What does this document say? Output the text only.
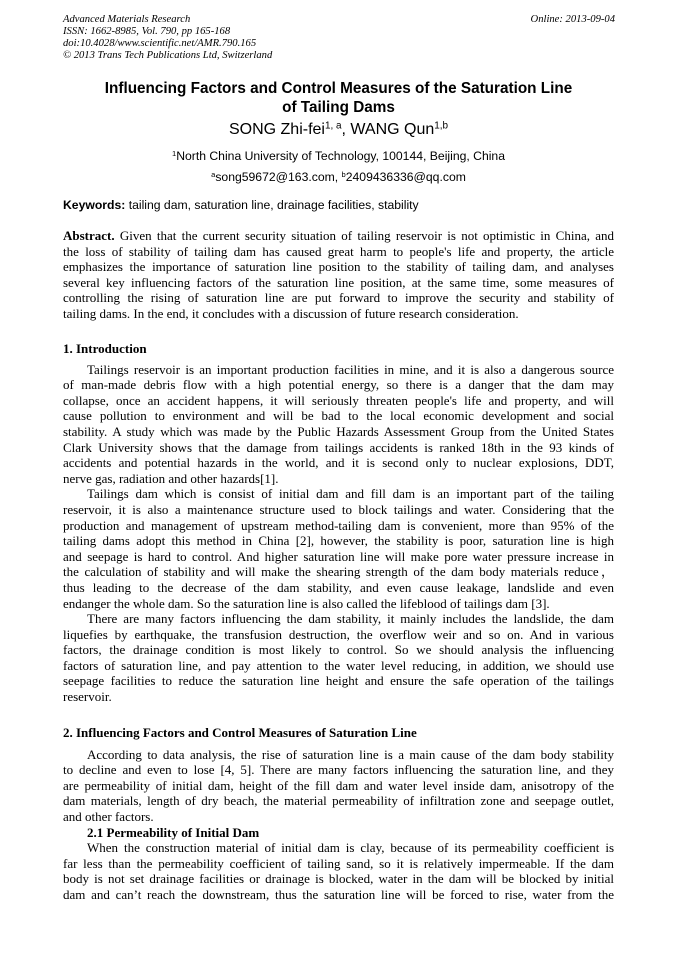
Advanced Materials Research
ISSN: 1662-8985, Vol. 790, pp 165-168
doi:10.4028/www.scientific.net/AMR.790.165
© 2013 Trans Tech Publications Ltd, Switzerland
Online: 2013-09-04
Influencing Factors and Control Measures of the Saturation Line
of Tailing Dams
SONG Zhi-fei$^{1, a}$, WANG Qun$^{1,b}$
$^1$North China University of Technology, 100144, Beijing, China
$^a$song59672@163.com, $^b$2409436336@qq.com
Keywords: tailing dam, saturation line, drainage facilities, stability
Abstract. Given that the current security situation of tailing reservoir is not optimistic in China, and
the loss of stability of tailing dam has caused great harm to people's life and property, the article
emphasizes the importance of saturation line position to the stability of tailing dam, and analyses
several key influencing factors of the saturation line position, at the same time, some measures of
controlling the rising of saturation line are put forward to improve the security and stability of
tailing dams. In the end, it concludes with a discussion of future research consideration.
1. Introduction
Tailings reservoir is an important production facilities in mine, and it is also a dangerous source
of man-made debris flow with a high potential energy, so there is a danger that the dam may
collapse, once an accident happens, it will seriously threaten people's life and property, and will
cause pollution to environment and will be bad to the local economic development and social
stability. A study which was made by the Public Hazards Assessment Group from the United States
Clark University shows that the damage from tailings accidents is ranked 18th in the 93 kinds of
accidents and potential hazards in the world, and it is second only to nuclear explosions, DDT,
nerve gas, radiation and other hazards[1].
Tailings dam which is consist of initial dam and fill dam is an important part of the tailing
reservoir, it is also a maintenance structure used to block tailings and water. Considering that the
production and management of upstream method-tailing dam is convenient, more than 95% of the
tailing dams adopt this method in China [2], however, the stability is poor, saturation line is high
and seepage is hard to control. And higher saturation line will make pore water pressure increase in
the calculation of stability and will make the shearing strength of the dam body materials reduce，
thus leading to the decrease of the dam stability, and even cause leakage, landslide and even
endanger the whole dam. So the saturation line is also called the lifeblood of tailings dam [3].
There are many factors influencing the dam stability, it mainly includes the landslide, the dam
liquefies by earthquake, the transfusion destruction, the overflow weir and so on. And in various
factors, the drainage condition is most likely to control. So we should analysis the influencing
factors of saturation line, and pay attention to the water level reducing, in addition, we should use
seepage facilities to reduce the saturation line height and ensure the safe operation of the tailings
reservoir.
2. Influencing Factors and Control Measures of Saturation Line
According to data analysis, the rise of saturation line is a main cause of the dam body stability
to decline and even to lose [4, 5]. There are many factors influencing the saturation line, and they
are permeability of initial dam, height of the fill dam and water level inside dam, anisotropy of the
dam materials, length of dry beach, the material permeability of infiltration zone and seepage outlet,
and other factors.
2.1 Permeability of Initial Dam
When the construction material of initial dam is clay, because of its permeability coefficient is
far less than the permeability coefficient of tailing sand, so it is relatively impermeable. If the dam
body is not set drainage facilities or drainage is blocked, water in the dam will be blocked by initial
dam and can’t reach the downstream, thus the saturation line will be forced to rise, water from the
